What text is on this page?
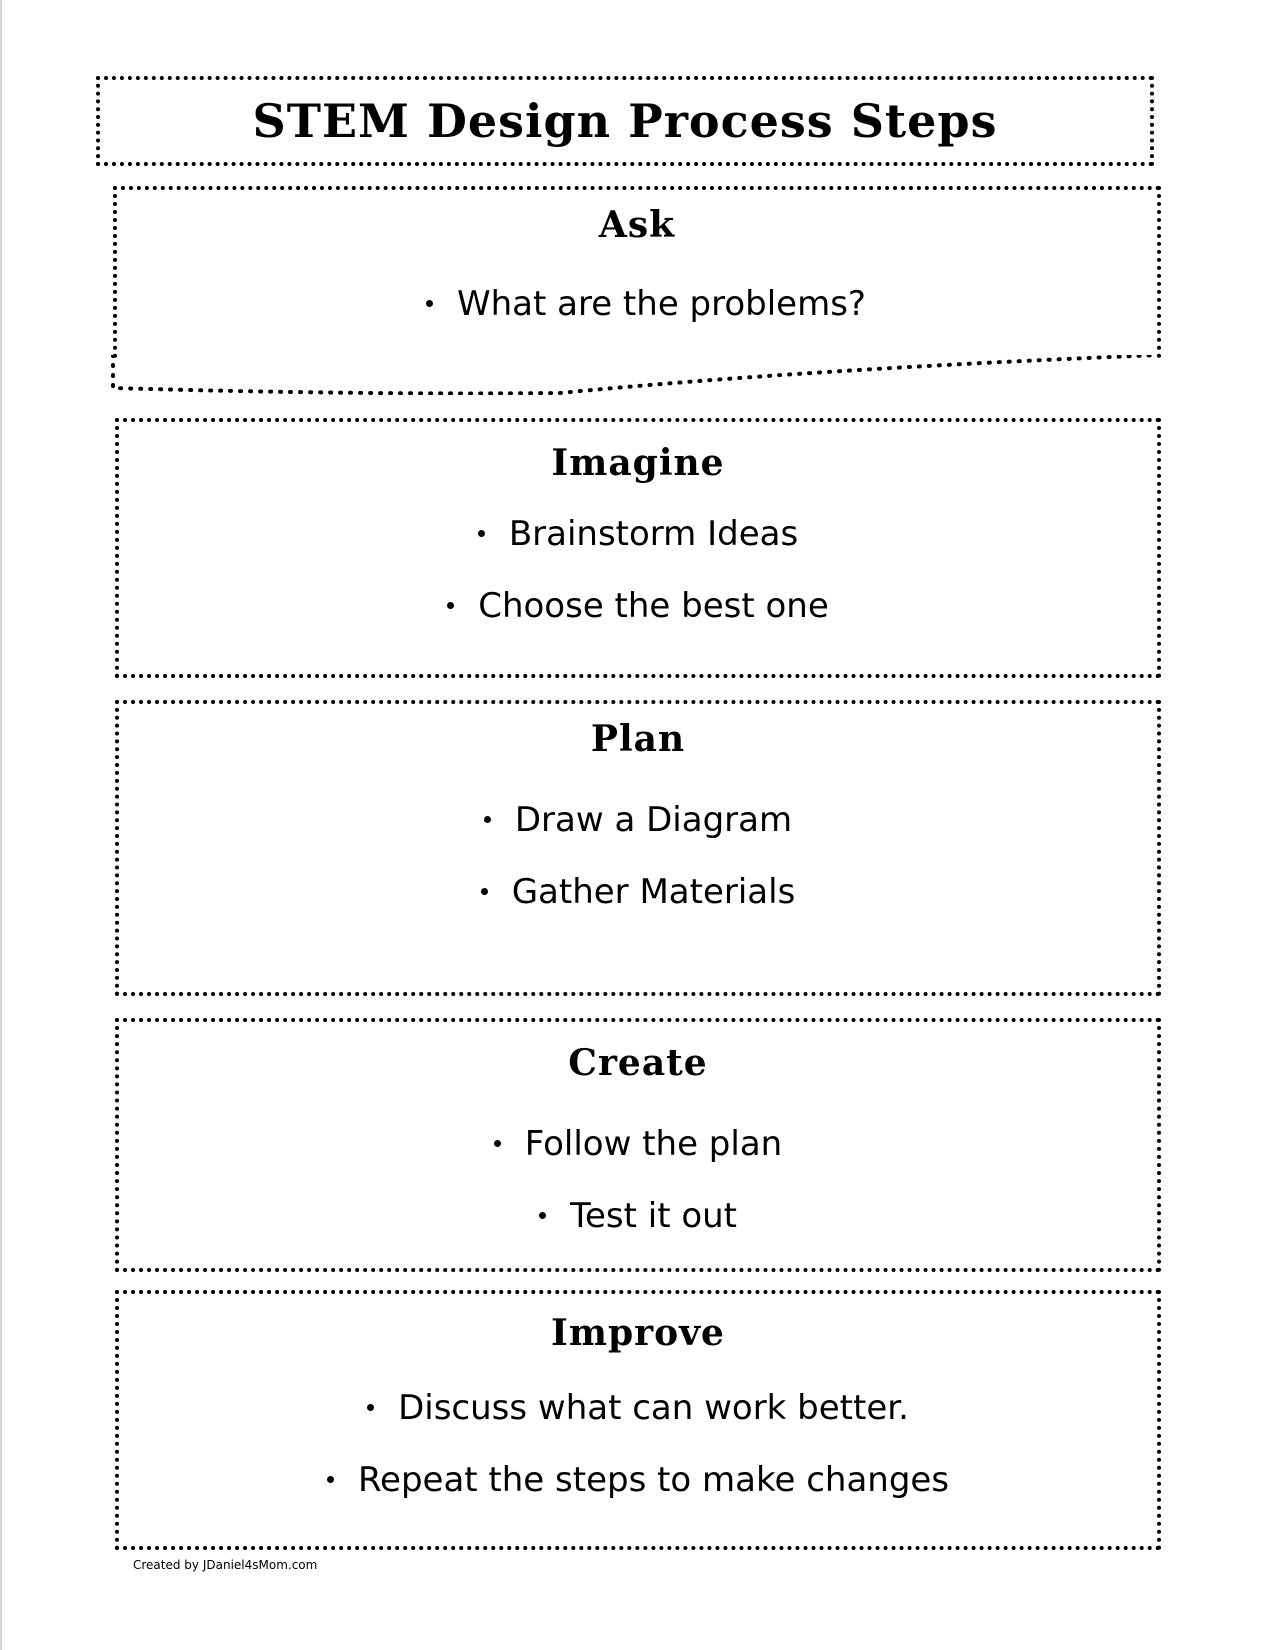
STEM Design Process Steps
Ask
What are the problems?
Imagine
Brainstorm Ideas
Choose the best one
Plan
Draw a Diagram
Gather Materials
Create
Follow the plan
Test it out
Improve
Discuss what can work better.
Repeat the steps to make changes
Created by JDaniel4sMom.com
